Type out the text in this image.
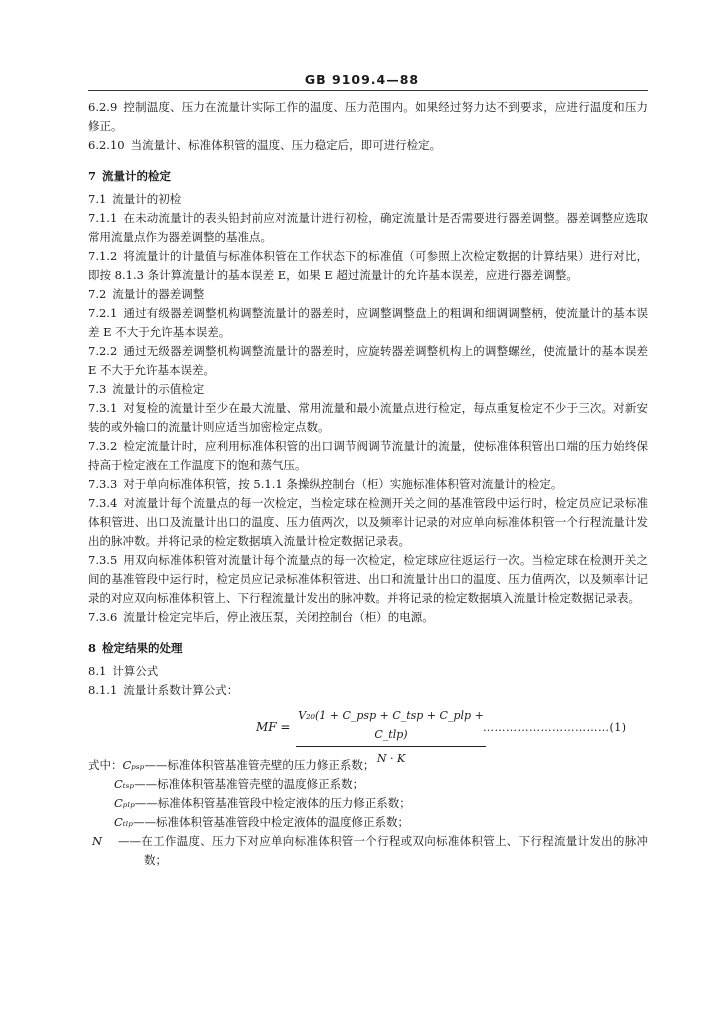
GB 9109.4—88

6.2.9 控制温度、压力在流量计实际工作的温度、压力范围内。如果经过努力达不到要求，应进行温度和压力修正。

6.2.10 当流量计、标准体积管的温度、压力稳定后，即可进行检定。

7 流量计的检定

7.1 流量计的初检

7.1.1 在未动流量计的表头铅封前应对流量计进行初检，确定流量计是否需要进行器差调整。器差调整应选取常用流量点作为器差调整的基准点。

7.1.2 将流量计的计量值与标准体积管在工作状态下的标准值（可参照上次检定数据的计算结果）进行对比，即按 8.1.3 条计算流量计的基本误差 E，如果 E 超过流量计的允许基本误差，应进行器差调整。

7.2 流量计的器差调整

7.2.1 通过有级器差调整机构调整流量计的器差时，应调整调整盘上的粗调和细调调整柄，使流量计的基本误差 E 不大于允许基本误差。

7.2.2 通过无级器差调整机构调整流量计的器差时，应旋转器差调整机构上的调整螺丝，使流量计的基本误差 E 不大于允许基本误差。

7.3 流量计的示值检定

7.3.1 对复检的流量计至少在最大流量、常用流量和最小流量点进行检定，每点重复检定不少于三次。对新安装的或外输口的流量计则应适当加密检定点数。

7.3.2 检定流量计时，应利用标准体积管的出口调节阀调节流量计的流量，使标准体积管出口端的压力始终保持高于检定液在工作温度下的饱和蒸气压。

7.3.3 对于单向标准体积管，按 5.1.1 条操纵控制台（柜）实施标准体积管对流量计的检定。

7.3.4 对流量计每个流量点的每一次检定，当检定球在检测开关之间的基准管段中运行时，检定员应记录标准体积管进、出口及流量计出口的温度、压力值两次，以及频率计记录的对应单向标准体积管一个行程流量计发出的脉冲数。并将记录的检定数据填入流量计检定数据记录表。

7.3.5 用双向标准体积管对流量计每个流量点的每一次检定，检定球应往返运行一次。当检定球在检测开关之间的基准管段中运行时，检定员应记录标准体积管进、出口和流量计出口的温度、压力值两次，以及频率计记录的对应双向标准体积管上、下行程流量计发出的脉冲数。并将记录的检定数据填入流量计检定数据记录表。

7.3.6 流量计检定完毕后，停止液压泵，关闭控制台（柜）的电源。

8 检定结果的处理

8.1 计算公式

8.1.1 流量计系数计算公式：

MF =
V₂₀(1 + C_psp + C_tsp + C_plp + C_tlp)
N · K
……………………………(1)

式中：Cₚₛₚ——标准体积管基准管壳壁的压力修正系数；

Cₜₛₚ——标准体积管基准管壳壁的温度修正系数；

Cₚₗₚ——标准体积管基准管段中检定液体的压力修正系数；

Cₜₗₚ——标准体积管基准管段中检定液体的温度修正系数；

N ——在工作温度、压力下对应单向标准体积管一个行程或双向标准体积管上、下行程流量计发出的脉冲数；
